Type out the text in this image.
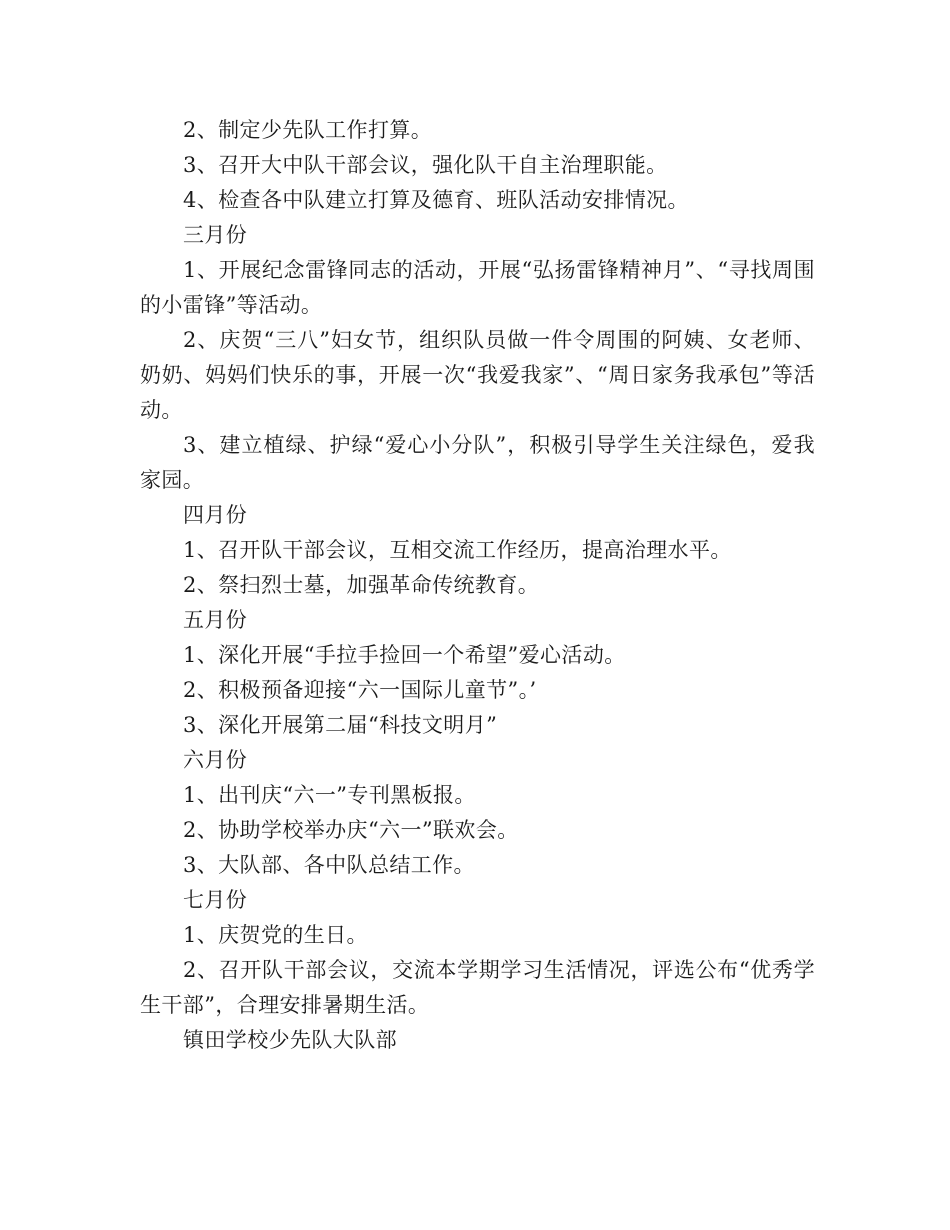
2、制定少先队工作打算。

3、召开大中队干部会议，强化队干自主治理职能。

4、检查各中队建立打算及德育、班队活动安排情况。

三月份

1、开展纪念雷锋同志的活动，开展“弘扬雷锋精神月”、“寻找周围的小雷锋”等活动。

2、庆贺“三八”妇女节，组织队员做一件令周围的阿姨、女老师、奶奶、妈妈们快乐的事，开展一次“我爱我家”、“周日家务我承包”等活动。

3、建立植绿、护绿“爱心小分队”，积极引导学生关注绿色，爱我家园。

四月份

1、召开队干部会议，互相交流工作经历，提高治理水平。

2、祭扫烈士墓，加强革命传统教育。

五月份

1、深化开展“手拉手捡回一个希望”爱心活动。

2、积极预备迎接“六一国际儿童节”。’

3、深化开展第二届“科技文明月”

六月份

1、出刊庆“六一”专刊黑板报。

2、协助学校举办庆“六一”联欢会。

3、大队部、各中队总结工作。

七月份

1、庆贺党的生日。

2、召开队干部会议，交流本学期学习生活情况，评选公布“优秀学生干部”，合理安排暑期生活。

镇田学校少先队大队部
